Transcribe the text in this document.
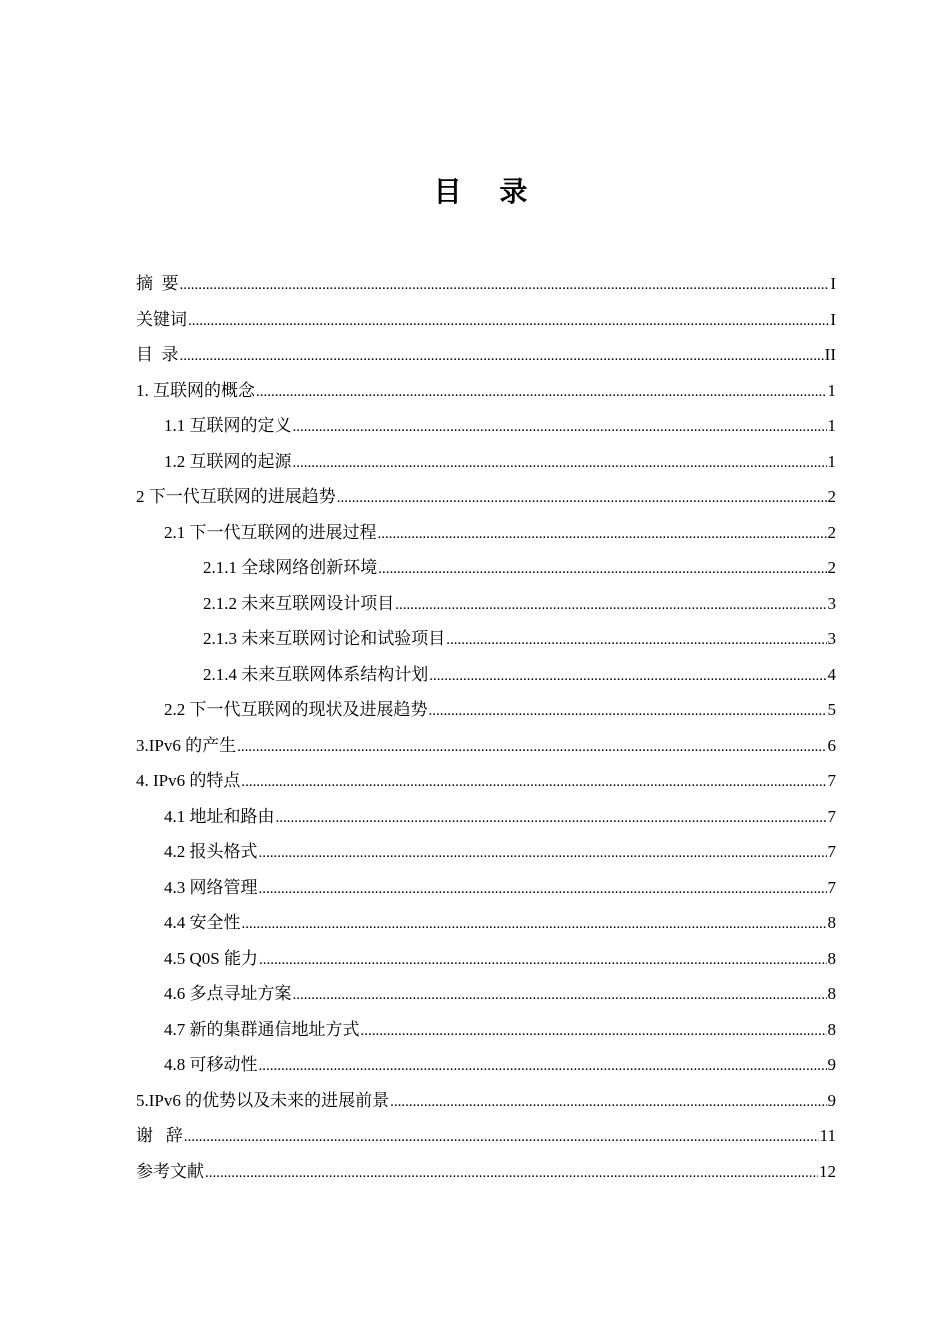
目 录
摘  要 .....	I
关键词 .....	I
目  录 .....	II
1. 互联网的概念 .....	1
1.1 互联网的定义 .....	1
1.2 互联网的起源 .....	1
2 下一代互联网的进展趋势 .....	2
2.1 下一代互联网的进展过程 .....	2
2.1.1 全球网络创新环境 .....	2
2.1.2 未来互联网设计项目 .....	3
2.1.3 未来互联网讨论和试验项目 .....	3
2.1.4 未来互联网体系结构计划 .....	4
2.2 下一代互联网的现状及进展趋势 .....	5
3.IPv6 的产生 .....	6
4. IPv6 的特点 .....	7
4.1 地址和路由 .....	7
4.2 报头格式 .....	7
4.3 网络管理 .....	7
4.4 安全性 .....	8
4.5 Q0S 能力 .....	8
4.6 多点寻址方案 .....	8
4.7 新的集群通信地址方式 .....	8
4.8 可移动性 .....	9
5.IPv6 的优势以及未来的进展前景 .....	9
谢   辞 .....	11
参考文献 .....	12
